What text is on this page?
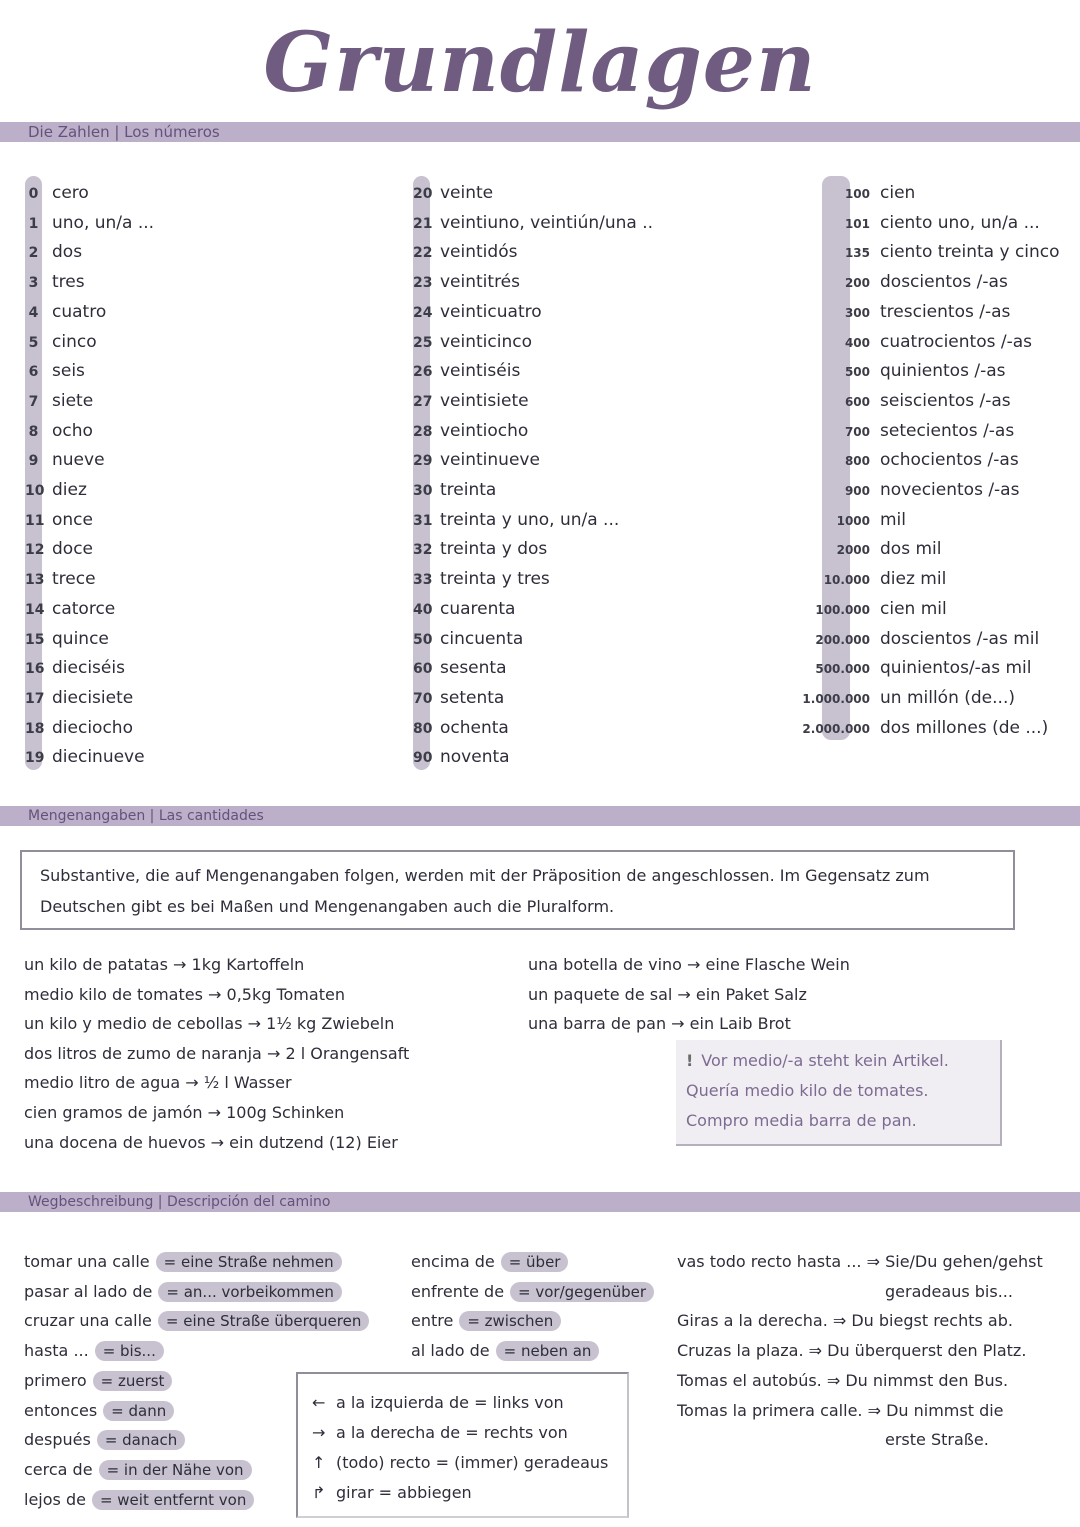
Grundlagen
Die Zahlen | Los números
0 cero
1 uno, un/a ...
2 dos
3 tres
4 cuatro
5 cinco
6 seis
7 siete
8 ocho
9 nueve
10 diez
11 once
12 doce
13 trece
14 catorce
15 quince
16 dieciséis
17 diecisiete
18 dieciocho
19 diecinueve
20 veinte
21 veintiuno, veintiún/una ..
22 veintidós
23 veintitrés
24 veinticuatro
25 veinticinco
26 veintiséis
27 veintisiete
28 veintiocho
29 veintinueve
30 treinta
31 treinta y uno, un/a ...
32 treinta y dos
33 treinta y tres
40 cuarenta
50 cincuenta
60 sesenta
70 setenta
80 ochenta
90 noventa
100 cien
101 ciento uno, un/a ...
135 ciento treinta y cinco
200 doscientos /-as
300 trescientos /-as
400 cuatrocientos /-as
500 quinientos /-as
600 seiscientos /-as
700 setecientos /-as
800 ochocientos /-as
900 novecientos /-as
1000 mil
2000 dos mil
10.000 diez mil
100.000 cien mil
200.000 doscientos /-as mil
500.000 quinientos/-as mil
1.000.000 un millón (de...)
2.000.000 dos millones (de ...)
Mengenangaben | Las cantidades
Substantive, die auf Mengenangaben folgen, werden mit der Präposition de angeschlossen. Im Gegensatz zum
Deutschen gibt es bei Maßen und Mengenangaben auch die Pluralform.
un kilo de patatas → 1kg Kartoffeln
medio kilo de tomates → 0,5kg Tomaten
un kilo y medio de cebollas → 1½ kg Zwiebeln
dos litros de zumo de naranja → 2 l Orangensaft
medio litro de agua → ½ l Wasser
cien gramos de jamón → 100g Schinken
una docena de huevos → ein dutzend (12) Eier
una botella de vino → eine Flasche Wein
un paquete de sal → ein Paket Salz
una barra de pan → ein Laib Brot
! Vor medio/-a steht kein Artikel.
Quería medio kilo de tomates.
Compro media barra de pan.
Wegbeschreibung | Descripción del camino
tomar una calle = eine Straße nehmen
pasar al lado de = an... vorbeikommen
cruzar una calle = eine Straße überqueren
hasta ... = bis...
primero = zuerst
entonces = dann
después = danach
cerca de = in der Nähe von
lejos de = weit entfernt von
encima de = über
enfrente de = vor/gegenüber
entre = zwischen
al lado de = neben an
← a la izquierda de = links von
→ a la derecha de = rechts von
↑ (todo) recto = (immer) geradeaus
↱ girar = abbiegen
vas todo recto hasta ... ⇒ Sie/Du gehen/gehst
geradeaus bis...
Giras a la derecha. ⇒ Du biegst rechts ab.
Cruzas la plaza. ⇒ Du überquerst den Platz.
Tomas el autobús. ⇒ Du nimmst den Bus.
Tomas la primera calle. ⇒ Du nimmst die
erste Straße.
